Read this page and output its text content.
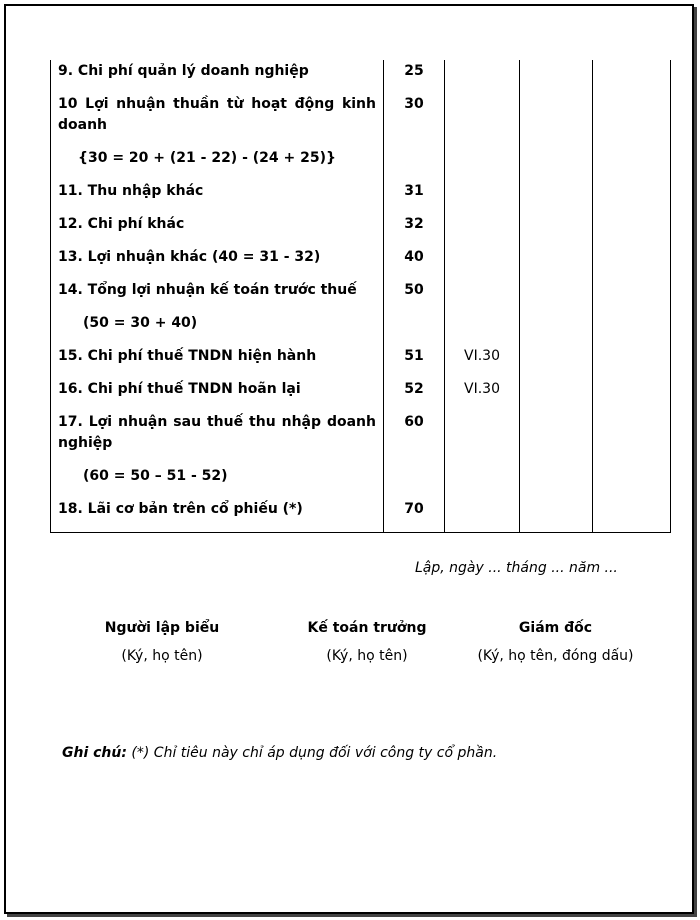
9. Chi phí quản lý doanh nghiệp	25			
10 Lợi nhuận thuần từ hoạt động kinh doanh	30			
{30 = 20 + (21 - 22) - (24 + 25)}				
11. Thu nhập khác	31			
12. Chi phí khác	32			
13. Lợi nhuận khác (40 = 31 - 32)	40			
14. Tổng lợi nhuận kế toán trước thuế	50			
(50 = 30 + 40)				
15. Chi phí thuế TNDN hiện hành	51	VI.30		
16. Chi phí thuế TNDN hoãn lại	52	VI.30		
17. Lợi nhuận sau thuế thu nhập doanh nghiệp	60			
(60 = 50 – 51 - 52)				
18. Lãi cơ bản trên cổ phiếu (*)	70			
Lập, ngày ... tháng ... năm ...
Người lập biểu
(Ký, họ tên)
Kế toán trưởng
(Ký, họ tên)
Giám đốc
(Ký, họ tên, đóng dấu)
Ghi chú: (*) Chỉ tiêu này chỉ áp dụng đối với công ty cổ phần.
